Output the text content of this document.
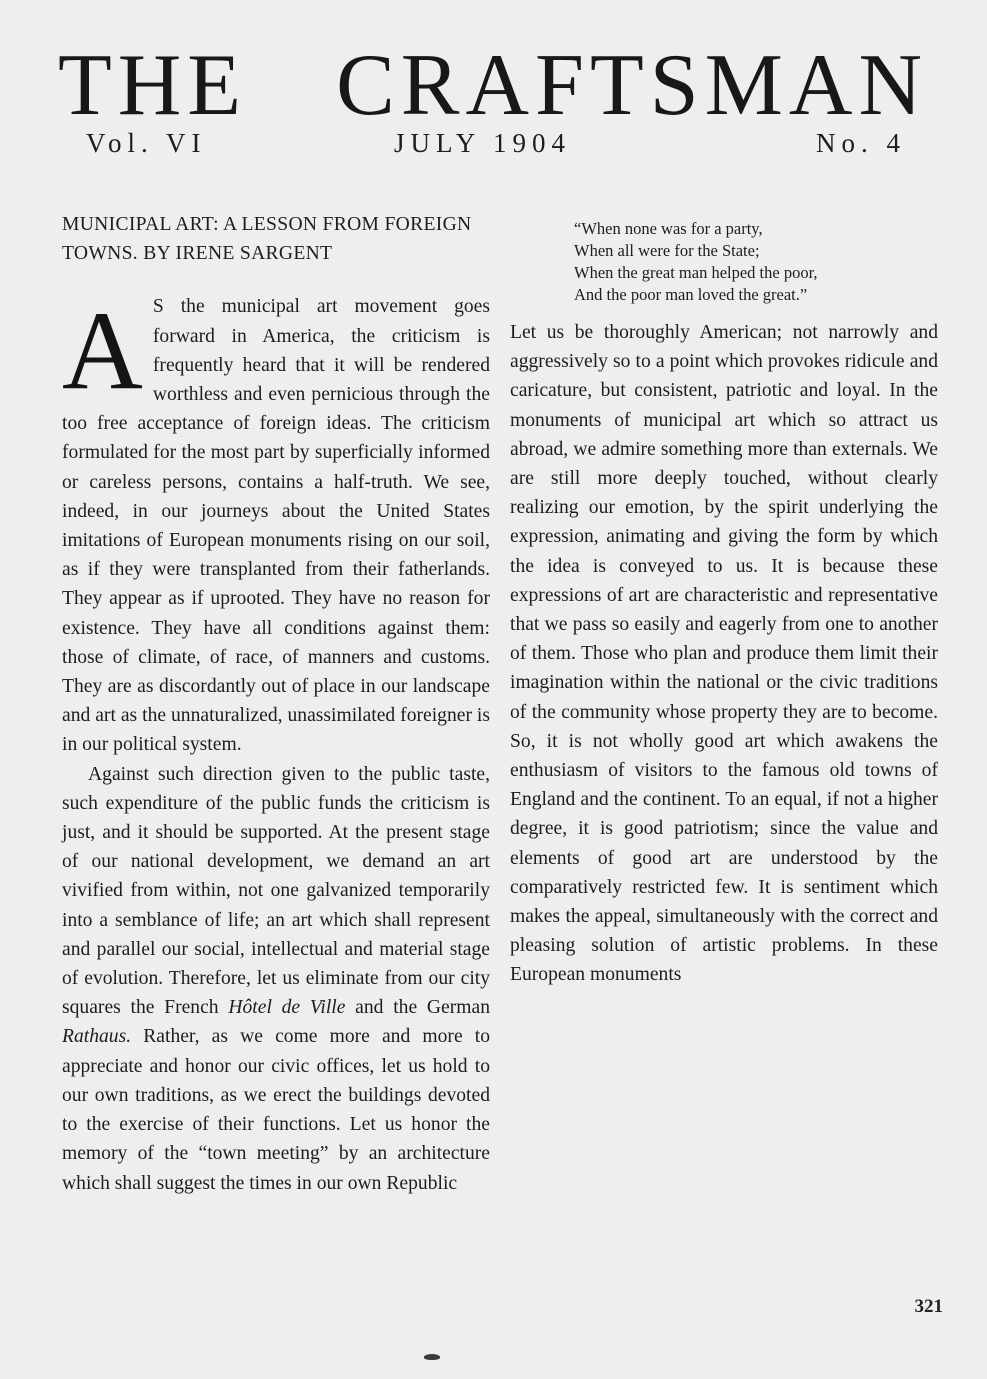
THE CRAFTSMAN
Vol. VI	JULY 1904	No. 4
MUNICIPAL ART: A LESSON FROM FOREIGN TOWNS. BY IRENE SARGENT

A S the municipal art movement goes forward in America, the criticism is frequently heard that it will be rendered worthless and even pernicious through the too free acceptance of foreign ideas. The criticism formulated for the most part by superficially informed or careless persons, contains a half-truth. We see, indeed, in our journeys about the United States imitations of European monuments rising on our soil, as if they were transplanted from their fatherlands. They appear as if uprooted. They have no reason for existence. They have all conditions against them: those of climate, of race, of manners and customs. They are as discordantly out of place in our landscape and art as the unnaturalized, unassimilated foreigner is in our political system.

Against such direction given to the public taste, such expenditure of the public funds the criticism is just, and it should be supported. At the present stage of our national development, we demand an art vivified from within, not one galvanized temporarily into a semblance of life; an art which shall represent and parallel our social, intellectual and material stage of evolution. Therefore, let us eliminate from our city squares the French Hôtel de Ville and the German Rathaus. Rather, as we come more and more to appreciate and honor our civic offices, let us hold to our own traditions, as we erect the buildings devoted to the exercise of their functions. Let us honor the memory of the “town meeting” by an architecture which shall suggest the times in our own Republic

“When none was for a party,
When all were for the State;
When the great man helped the poor,
And the poor man loved the great.”

Let us be thoroughly American; not narrowly and aggressively so to a point which provokes ridicule and caricature, but consistent, patriotic and loyal. In the monuments of municipal art which so attract us abroad, we admire something more than externals. We are still more deeply touched, without clearly realizing our emotion, by the spirit underlying the expression, animating and giving the form by which the idea is conveyed to us. It is because these expressions of art are characteristic and representative that we pass so easily and eagerly from one to another of them. Those who plan and produce them limit their imagination within the national or the civic traditions of the community whose property they are to become. So, it is not wholly good art which awakens the enthusiasm of visitors to the famous old towns of England and the continent. To an equal, if not a higher degree, it is good patriotism; since the value and elements of good art are understood by the comparatively restricted few. It is sentiment which makes the appeal, simultaneously with the correct and pleasing solution of artistic problems. In these European monuments

321
